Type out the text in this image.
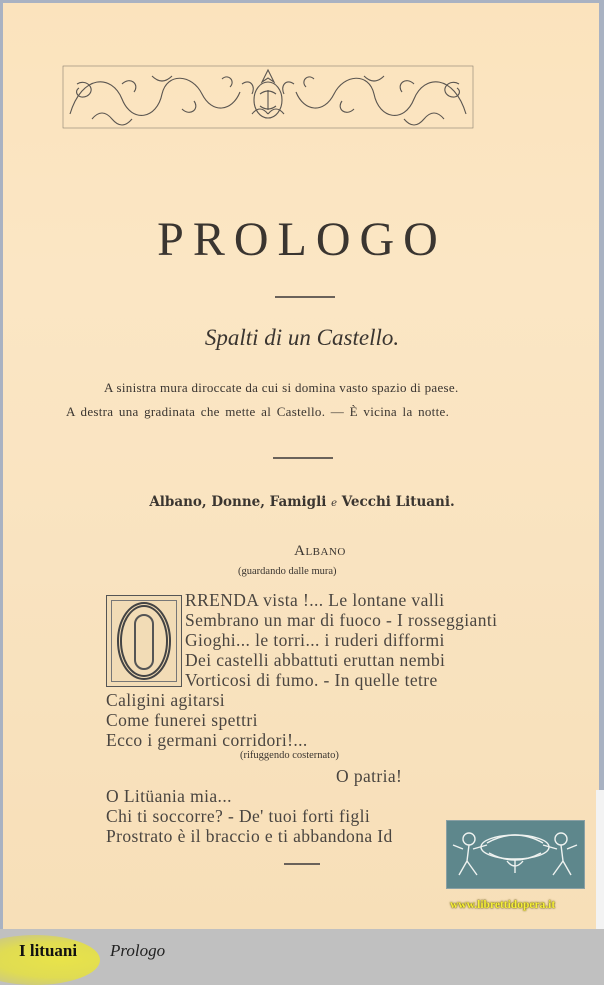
PROLOGO
Spalti di un Castello.
A sinistra mura diroccate da cui si domina vasto spazio di paese.
A destra una gradinata che mette al Castello. — È vicina la notte.
Albano, Donne, Famigli e Vecchi Lituani.
Albano
(guardando dalle mura)
RRENDA vista !... Le lontane valli
Sembrano un mar di fuoco - I rosseggianti
Gioghi... le torri... i ruderi difformi
Dei castelli abbattuti eruttan nembi
Vorticosi di fumo. - In quelle tetre
Caligini agitarsi
Come funerei spettri
Ecco i germani corridori!...
(rifuggendo costernato)
O patria!
O Litüania mia...
Chi ti soccorre? - De' tuoi forti figli
Prostrato è il braccio e ti abbandona Id
www.librettidopera.it
I lituani Prologo
